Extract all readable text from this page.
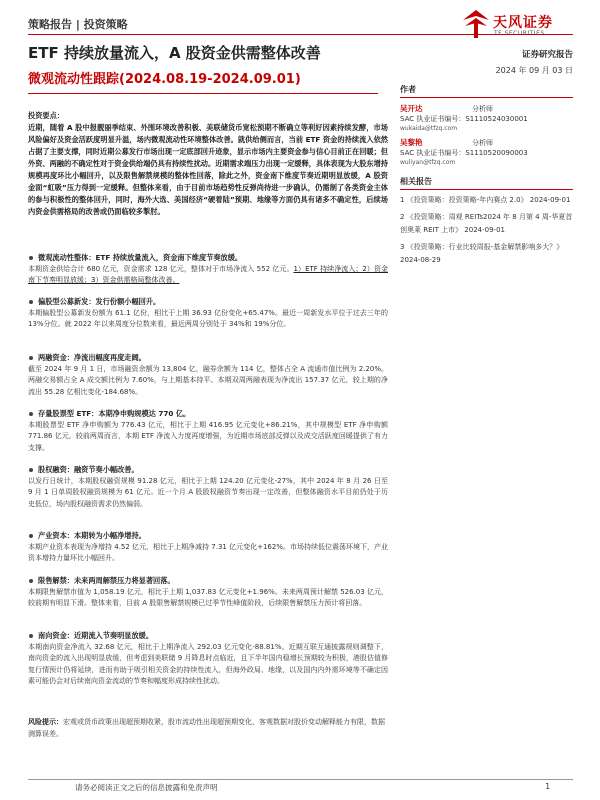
策略报告 | 投资策略	天风证券
TF SECURITIES
ETF 持续放量流入，A 股资金供需整体改善	证券研究报告
2024 年 09 月 03 日
微观流动性跟踪(2024.08.19-2024.09.01)

投资要点：

近期，随着 A 股中报靓丽季结束、外围环境改善积极、美联储货币宽松预期不断确立等利好因素持续发酵，市场风险偏好及资金活跃度明显升温，场内微观流动性环境整体改善。就供给侧而言，当前 ETF 资金的持续流入依然占据了主要支撑，同时近期公募发行市场出现一定底部回升迹象，显示市场内主要资金参与信心目前正在回暖；但外资、两融的不确定性对于资金供给端仍具有持续性扰动。近期需求端压力出现一定缓释，具体表现为大股东增持规模再度环比小幅回升，以及限售解禁规模的整体性回落，除此之外，资金南下维度节奏近期明显放缓，A 股资金面“虹吸”压力得到一定缓释。但整体来看，由于目前市场趋势性反弹尚待进一步确认，仍需制了各类资金主体的参与积极性的整体回升，同时，海外大选、美国经济“硬着陆”预期、地缘等方面仍具有诸多不确定性，后续场内资金供需格局的改善或仍面临较多掣肘。

微观流动性整体：ETF 持续放量流入，资金南下维度节奏放缓。
本期资金供给合计 680 亿元，资金需求 128 亿元，整体对于市场净流入 552 亿元。1）ETF 持续净流入；2）资金南下节奏明显放缓；3）资金供需格局整体改善。
偏股型公募新发：发行份额小幅回升。
本期偏股型公募新发份额为 61.1 亿份，相比于上期 36.93 亿份变化+65.47%。最近一周新发水平位于过去三年的 13%分位。就 2022 年以来周度分位数来看，最近两周分别处于 34%和 19%分位。
两融资金：净流出幅度再度走阔。
截至 2024 年 9 月 1 日，市场融资余额为 13,804 亿，融券余额为 114 亿，整体占全 A 流通市值比例为 2.20%。两融交易额占全 A 成交额比例为 7.60%，与上期基本持平。本期双周两融表现为净流出 157.37 亿元，较上期的净流出 55.28 亿相比变化-184.68%。
存量股票型 ETF：本期净申购规模达 770 亿。
本期股票型 ETF 净申购额为 776.43 亿元，相比于上期 416.95 亿元变化+86.21%，其中规模型 ETF 净申购额 771.86 亿元，较前两周而言，本期 ETF 净流入力度再度增强，为近期市场底部反弹以及成交活跃度回暖提供了有力支撑。
股权融资：融资节奏小幅改善。
以发行日统计，本期股权融资规模 91.28 亿元，相比于上期 124.20 亿元变化-27%，其中 2024 年 8 月 26 日至 9 月 1 日单周股权融资规模为 61 亿元。近一个月 A 股股权融资节奏出现一定改善，但整体融资水平目前仍处于历史低位，场内股权融资需求仍然偏弱。
产业资本：本期转为小幅净增持。
本期产业资本表现为净增持 4.52 亿元，相比于上期净减持 7.31 亿元变化+162%。市场持续低位震荡环境下，产业资本增持力量环比小幅回升。
限售解禁：未来两周解禁压力将显著回落。
本期限售解禁市值为 1,058.19 亿元，相比于上期 1,037.83 亿元变化+1.96%。未来两周预计解禁 526.03 亿元，较前期有明显下滑。整体来看，目前 A 股限售解禁规模已过季节性峰值阶段，后续限售解禁压力预计将回落。
南向资金：近期流入节奏明显放缓。
本期南向资金净流入 32.68 亿元，相比于上期净流入 292.03 亿元变化-88.81%。近期互联互通披露规则调整下，南向资金的流入出现明显放缓，但考虑到美联储 9 月降息时点临近，且下半年国内稳增长预期较为积极，港股估值修复行情预计仍将延续，进而有助于吸引相关资金的持续性流入，但海外政局、地缘，以及国内内外需环境等不确定因素可能仍会对后续南向资金流动的节奏和幅度形成持续性扰动。
风险提示：宏观或货币政策出现超预期收紧，股市流动性出现超预期变化，客观数据对股价变动解释能力有限，数据测算误差。
作者
吴开达	分析师
SAC 执业证书编号：S1110524030001
wukaida@tfzq.com
吴黎艳	分析师
SAC 执业证书编号：S1110520090003
wuliyan@tfzq.com
相关报告
1 《投资策略：投资策略-年内赛点 2.0》 2024-09-01
2 《投资策略：周观 REITs2024 年 8 月第 4 周-华夏首创奥莱 REIT 上市》 2024-09-01
3 《投资策略：行业比较周报-基金解禁影响多大？》 2024-08-29
请务必阅读正文之后的信息披露和免责声明	1
